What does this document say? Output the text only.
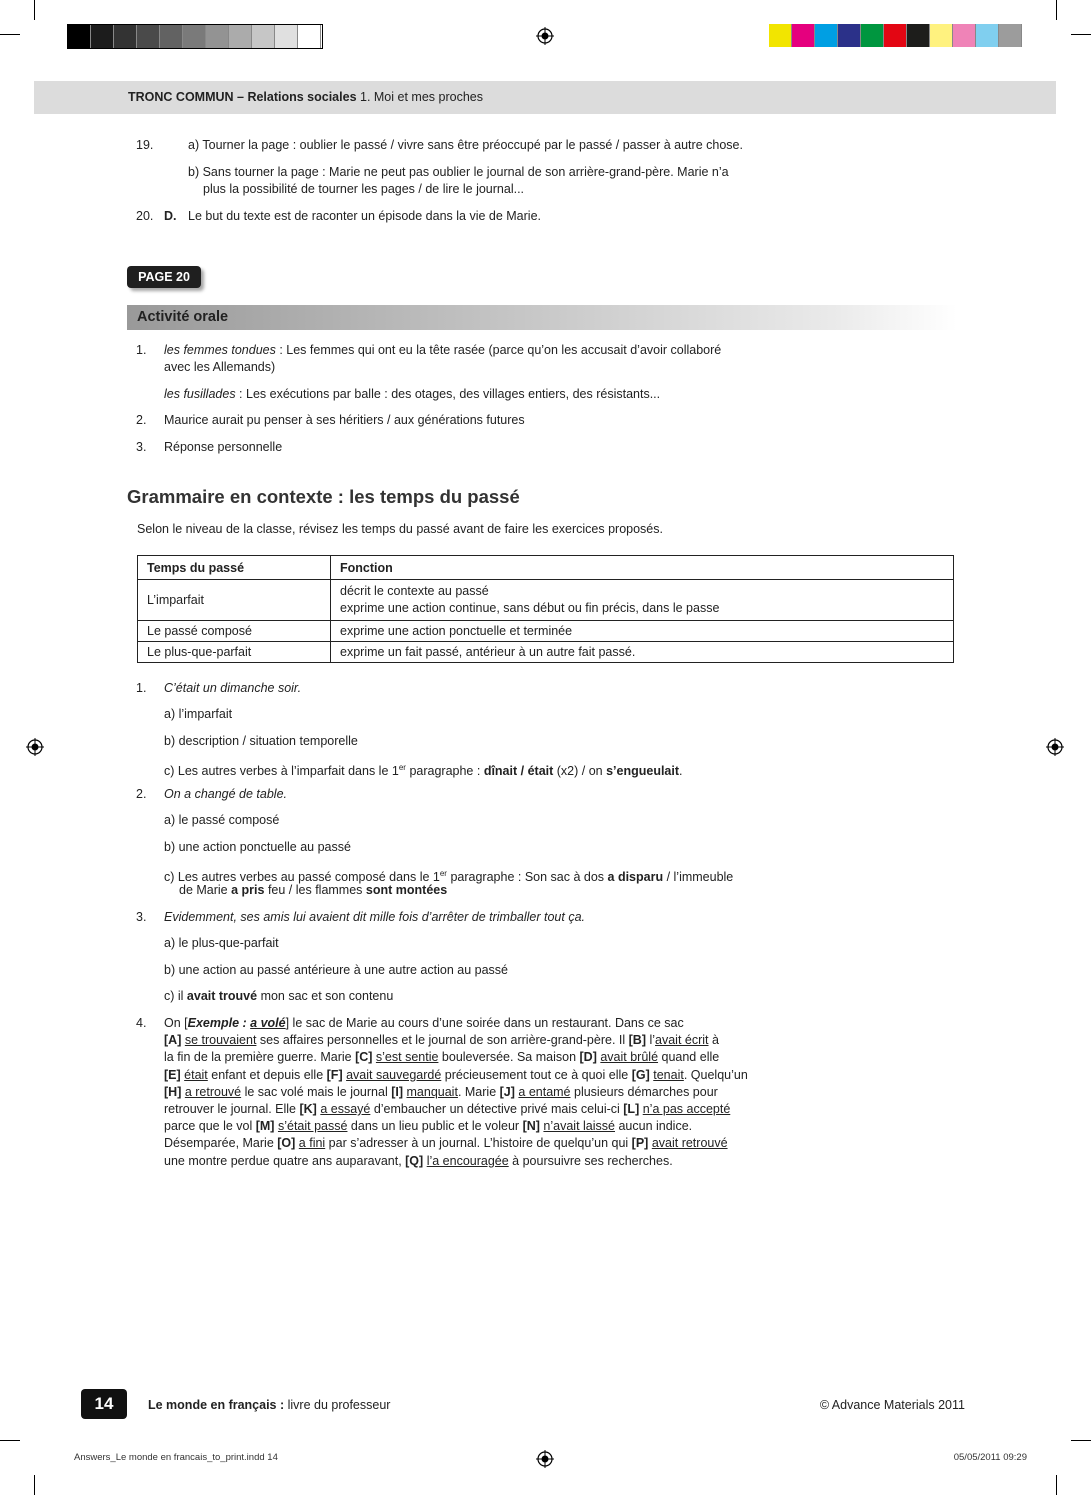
TRONC COMMUN – Relations sociales 1. Moi et mes proches
19.	a) Tourner la page : oublier le passé / vivre sans être préoccupé par le passé / passer à autre chose.
b) Sans tourner la page : Marie ne peut pas oublier le journal de son arrière-grand-père. Marie n’a
plus la possibilité de tourner les pages / de lire le journal...
20. D. Le but du texte est de raconter un épisode dans la vie de Marie.
PAGE 20
Activité orale
1. les femmes tondues : Les femmes qui ont eu la tête rasée (parce qu’on les accusait d’avoir collaboré
avec les Allemands)
les fusillades : Les exécutions par balle : des otages, des villages entiers, des résistants...
2. Maurice aurait pu penser à ses héritiers / aux générations futures
3. Réponse personnelle
Grammaire en contexte : les temps du passé
Selon le niveau de la classe, révisez les temps du passé avant de faire les exercices proposés.
Temps du passé	Fonction
L’imparfait	décrit le contexte au passé
exprime une action continue, sans début ou fin précis, dans le passe

Le passé composé	exprime une action ponctuelle et terminée
Le plus-que-parfait	exprime un fait passé, antérieur à un autre fait passé.
1. C’était un dimanche soir.
a) l’imparfait
b) description / situation temporelle
c) Les autres verbes à l’imparfait dans le 1er paragraphe : dînait / était (x2) / on s’engueulait.
2. On a changé de table.
a) le passé composé
b) une action ponctuelle au passé
c) Les autres verbes au passé composé dans le 1er paragraphe : Son sac à dos a disparu / l’immeuble
de Marie a pris feu / les flammes sont montées
3. Evidemment, ses amis lui avaient dit mille fois d’arrêter de trimballer tout ça.
a) le plus-que-parfait
b) une action au passé antérieure à une autre action au passé
c) il avait trouvé mon sac et son contenu
4. On [Exemple : a volé] le sac de Marie au cours d’une soirée dans un restaurant. Dans ce sac
[A] se trouvaient ses affaires personnelles et le journal de son arrière-grand-père. Il [B] l’avait écrit à
la fin de la première guerre. Marie [C] s’est sentie bouleversée. Sa maison [D] avait brûlé quand elle
[E] était enfant et depuis elle [F] avait sauvegardé précieusement tout ce à quoi elle [G] tenait. Quelqu’un
[H] a retrouvé le sac volé mais le journal [I] manquait. Marie [J] a entamé plusieurs démarches pour
retrouver le journal. Elle [K] a essayé d’embaucher un détective privé mais celui-ci [L] n’a pas accepté
parce que le vol [M] s’était passé dans un lieu public et le voleur [N] n’avait laissé aucun indice.
Désemparée, Marie [O] a fini par s’adresser à un journal. L’histoire de quelqu’un qui [P] avait retrouvé
une montre perdue quatre ans auparavant, [Q] l’a encouragée à poursuivre ses recherches.
14	Le monde en français : livre du professeur	© Advance Materials 2011
Answers_Le monde en francais_to_print.indd 14	05/05/2011 09:29
